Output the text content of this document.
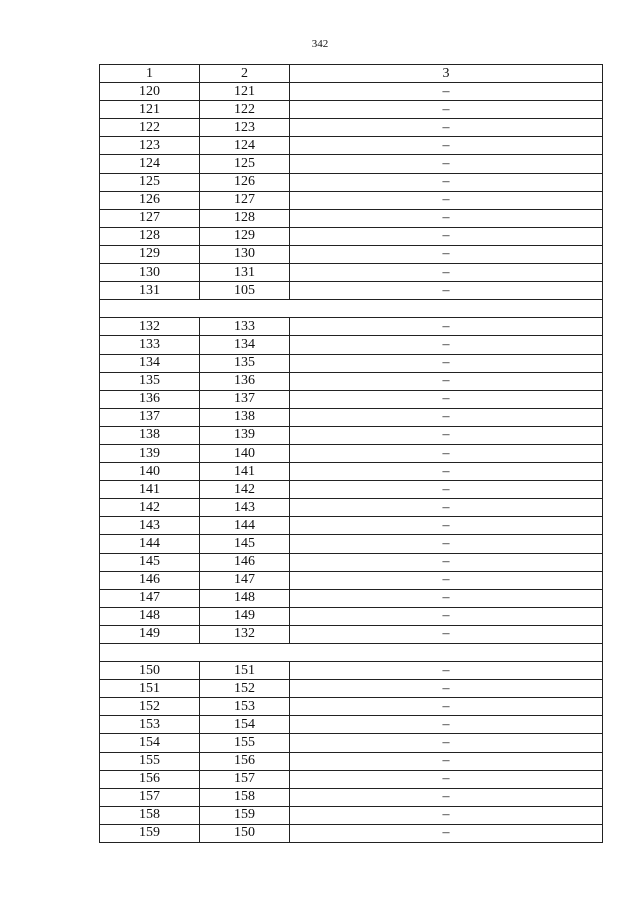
342
1	2	3
120	121	–
121	122	–
122	123	–
123	124	–
124	125	–
125	126	–
126	127	–
127	128	–
128	129	–
129	130	–
130	131	–
131	105	–

132	133	–
133	134	–
134	135	–
135	136	–
136	137	–
137	138	–
138	139	–
139	140	–
140	141	–
141	142	–
142	143	–
143	144	–
144	145	–
145	146	–
146	147	–
147	148	–
148	149	–
149	132	–

150	151	–
151	152	–
152	153	–
153	154	–
154	155	–
155	156	–
156	157	–
157	158	–
158	159	–
159	150	–
